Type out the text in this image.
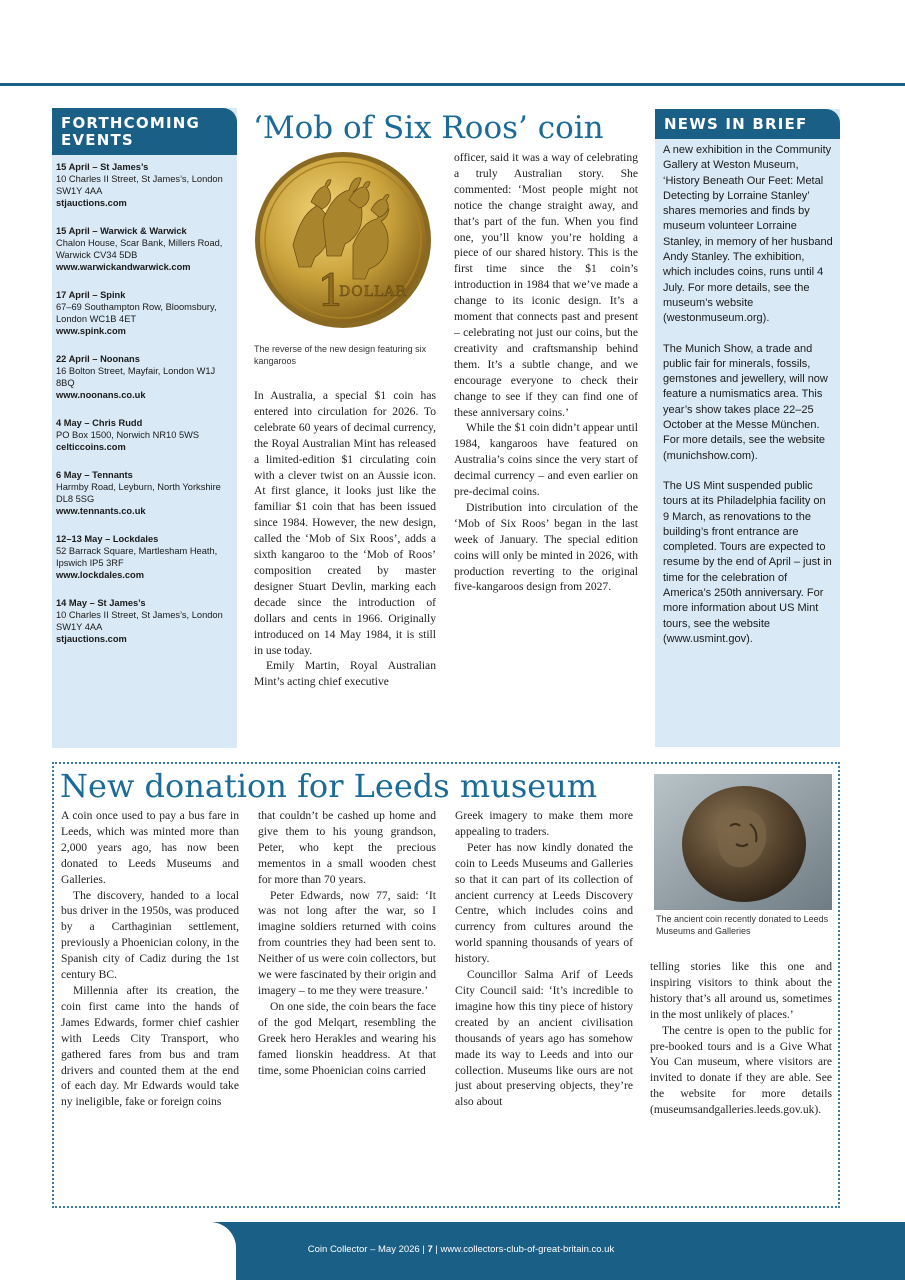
FORTHCOMING EVENTS
15 April – St James’s
10 Charles II Street, St James’s, London SW1Y 4AA
stjauctions.com
15 April – Warwick & Warwick
Chalon House, Scar Bank, Millers Road, Warwick CV34 5DB
www.warwickandwarwick.com
17 April – Spink
67–69 Southampton Row, Bloomsbury, London WC1B 4ET
www.spink.com
22 April – Noonans
16 Bolton Street, Mayfair, London W1J 8BQ
www.noonans.co.uk
4 May – Chris Rudd
PO Box 1500, Norwich NR10 5WS
celticcoins.com
6 May – Tennants
Harmby Road, Leyburn, North Yorkshire DL8 5SG
www.tennants.co.uk
12–13 May – Lockdales
52 Barrack Square, Martlesham Heath, Ipswich IP5 3RF
www.lockdales.com
14 May – St James’s
10 Charles II Street, St James’s, London SW1Y 4AA
stjauctions.com
‘Mob of Six Roos’ coin
1
DOLLAR
The reverse of the new design featuring six kangaroos

In Australia, a special $1 coin has entered into circulation for 2026. To celebrate 60 years of decimal currency, the Royal Australian Mint has released a limited-edition $1 circulating coin with a clever twist on an Aussie icon. At first glance, it looks just like the familiar $1 coin that has been issued since 1984. However, the new design, called the ‘Mob of Six Roos’, adds a sixth kangaroo to the ‘Mob of Roos’ composition created by master designer Stuart Devlin, marking each decade since the introduction of dollars and cents in 1966. Originally introduced on 14 May 1984, it is still in use today.

Emily Martin, Royal Australian Mint’s acting chief executive

officer, said it was a way of celebrating a truly Australian story. She commented: ‘Most people might not notice the change straight away, and that’s part of the fun. When you find one, you’ll know you’re holding a piece of our shared history. This is the first time since the $1 coin’s introduction in 1984 that we’ve made a change to its iconic design. It’s a moment that connects past and present – celebrating not just our coins, but the creativity and craftsmanship behind them. It’s a subtle change, and we encourage everyone to check their change to see if they can find one of these anniversary coins.’

While the $1 coin didn’t appear until 1984, kangaroos have featured on Australia’s coins since the very start of decimal currency – and even earlier on pre-decimal coins.

Distribution into circulation of the ‘Mob of Six Roos’ began in the last week of January. The special edition coins will only be minted in 2026, with production reverting to the original five-kangaroos design from 2027.

NEWS IN BRIEF

A new exhibition in the Community Gallery at Weston Museum, ‘History Beneath Our Feet: Metal Detecting by Lorraine Stanley’ shares memories and finds by museum volunteer Lorraine Stanley, in memory of her husband Andy Stanley. The exhibition, which includes coins, runs until 4 July. For more details, see the museum’s website (westonmuseum.org).

The Munich Show, a trade and public fair for minerals, fossils, gemstones and jewellery, will now feature a numismatics area. This year’s show takes place 22–25 October at the Messe München. For more details, see the website (munichshow.com).

The US Mint suspended public tours at its Philadelphia facility on 9 March, as renovations to the building’s front entrance are completed. Tours are expected to resume by the end of April – just in time for the celebration of America’s 250th anniversary. For more information about US Mint tours, see the website (www.usmint.gov).

New donation for Leeds museum

A coin once used to pay a bus fare in Leeds, which was minted more than 2,000 years ago, has now been donated to Leeds Museums and Galleries.

The discovery, handed to a local bus driver in the 1950s, was produced by a Carthaginian settlement, previously a Phoenician colony, in the Spanish city of Cadiz during the 1st century BC.

Millennia after its creation, the coin first came into the hands of James Edwards, former chief cashier with Leeds City Transport, who gathered fares from bus and tram drivers and counted them at the end of each day. Mr Edwards would take ny ineligible, fake or foreign coins

that couldn’t be cashed up home and give them to his young grandson, Peter, who kept the precious mementos in a small wooden chest for more than 70 years.

Peter Edwards, now 77, said: ‘It was not long after the war, so I imagine soldiers returned with coins from countries they had been sent to. Neither of us were coin collectors, but we were fascinated by their origin and imagery – to me they were treasure.’

On one side, the coin bears the face of the god Melqart, resembling the Greek hero Herakles and wearing his famed lionskin headdress. At that time, some Phoenician coins carried

Greek imagery to make them more appealing to traders.

Peter has now kindly donated the coin to Leeds Museums and Galleries so that it can part of its collection of ancient currency at Leeds Discovery Centre, which includes coins and currency from cultures around the world spanning thousands of years of history.

Councillor Salma Arif of Leeds City Council said: ‘It’s incredible to imagine how this tiny piece of history created by an ancient civilisation thousands of years ago has somehow made its way to Leeds and into our collection. Museums like ours are not just about preserving objects, they’re also about

The ancient coin recently donated to Leeds Museums and Galleries

telling stories like this one and inspiring visitors to think about the history that’s all around us, sometimes in the most unlikely of places.’

The centre is open to the public for pre-booked tours and is a Give What You Can museum, where visitors are invited to donate if they are able. See the website for more details (museumsandgalleries.leeds.gov.uk).

Coin Collector – May 2026 | 7 | www.collectors-club-of-great-britain.co.uk
